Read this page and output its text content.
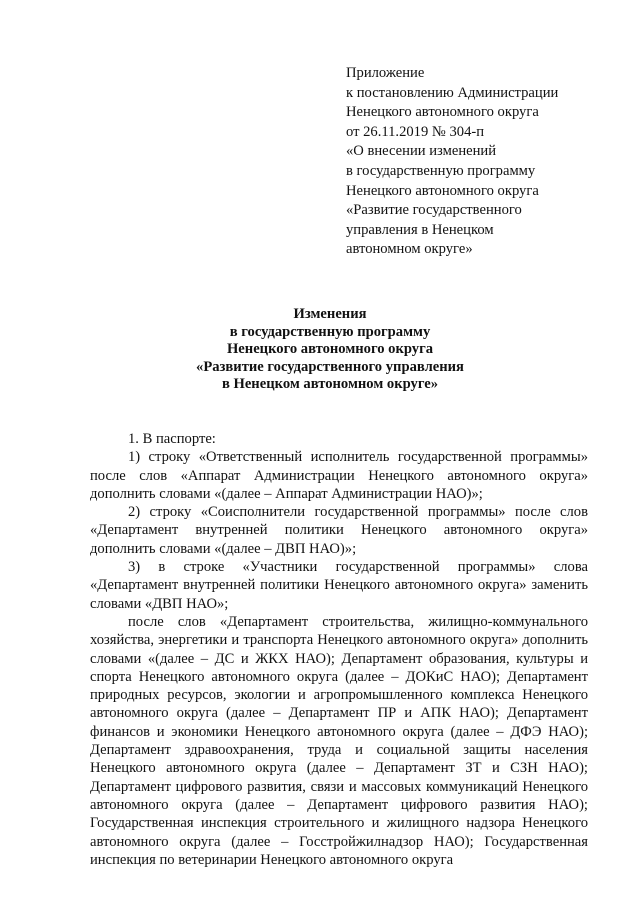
Приложение
к постановлению Администрации
Ненецкого автономного округа
от 26.11.2019 № 304-п
«О внесении изменений
в государственную программу
Ненецкого автономного округа
«Развитие государственного
управления в Ненецком
автономном округе»
Изменения
в государственную программу
Ненецкого автономного округа
«Развитие государственного управления
в Ненецком автономном округе»

1. В паспорте:

1) строку «Ответственный исполнитель государственной программы» после слов «Аппарат Администрации Ненецкого автономного округа» дополнить словами «(далее – Аппарат Администрации НАО)»;

2) строку «Соисполнители государственной программы» после слов «Департамент внутренней политики Ненецкого автономного округа» дополнить словами «(далее – ДВП НАО)»;

3) в строке «Участники государственной программы» слова «Департамент внутренней политики Ненецкого автономного округа» заменить словами «ДВП НАО»;

после слов «Департамент строительства, жилищно-коммунального хозяйства, энергетики и транспорта Ненецкого автономного округа» дополнить словами «(далее – ДС и ЖКХ НАО); Департамент образования, культуры и спорта Ненецкого автономного округа (далее – ДОКиС НАО); Департамент природных ресурсов, экологии и агропромышленного комплекса Ненецкого автономного округа (далее – Департамент ПР и АПК НАО); Департамент финансов и экономики Ненецкого автономного округа (далее – ДФЭ НАО); Департамент здравоохранения, труда и социальной защиты населения Ненецкого автономного округа (далее – Департамент ЗТ и СЗН НАО); Департамент цифрового развития, связи и массовых коммуникаций Ненецкого автономного округа (далее – Департамент цифрового развития НАО); Государственная инспекция строительного и жилищного надзора Ненецкого автономного округа (далее – Госстройжилнадзор НАО); Государственная инспекция по ветеринарии Ненецкого автономного округа
